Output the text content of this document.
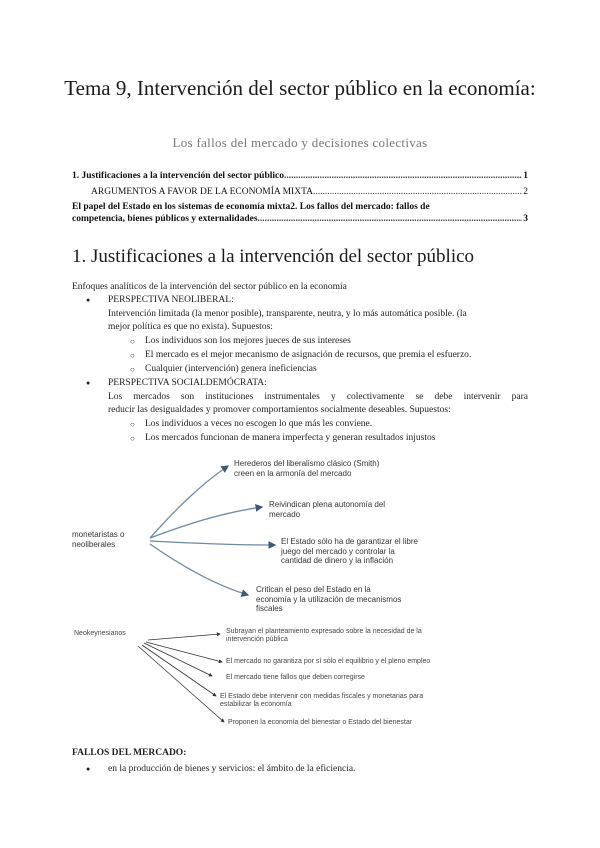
Tema 9, Intervención del sector público en la economía:
Los fallos del mercado y decisiones colectivas
1. Justificaciones a la intervención del sector público .....	1
ARGUMENTOS A FAVOR DE LA ECONOMÍA MIXTA .....	2
El papel del Estado en los sistemas de economía mixta2. Los fallos del mercado: fallos de
competencia, bienes públicos y externalidades .....	3
1. Justificaciones a la intervención del sector público
Enfoques analíticos de la intervención del sector público en la economía
● PERSPECTIVA NEOLIBERAL:
Intervención limitada (la menor posible), transparente, neutra, y lo más automática posible. (la
mejor política es que no exista). Supuestos:
○ Los individuos son los mejores jueces de sus intereses
○ El mercado es el mejor mecanismo de asignación de recursos, que premia el esfuerzo.
○ Cualquier (intervención) genera ineficiencias
● PERSPECTIVA SOCIALDEMÓCRATA:
Los mercados son instituciones instrumentales y colectivamente se debe intervenir para
reducir las desigualdades y promover comportamientos socialmente deseables. Supuestos:
○ Los individuos a veces no escogen lo que más les conviene.
○ Los mercados funcionan de manera imperfecta y generan resultados injustos
monetaristas o
neoliberales
Herederos del liberalismo clásico (Smith)
creen en la armonía del mercado
Reivindican plena autonomía del
mercado
El Estado sólo ha de garantizar el libre
juego del mercado y controlar la
cantidad de dinero y la inflación
Critican el peso del Estado en la
economía y la utilización de mecanismos
fiscales
Neokeynesianos	Subrayan el planteamiento expresado sobre la necesidad de la
intervención pública
El mercado no garantiza por sí sólo el equilibrio y el pleno empleo
El mercado tiene fallos que deben corregirse
El Estado debe intervenir con medidas fiscales y monetarias para
estabilizar la economía
Proponen la economía del bienestar o Estado del bienestar
FALLOS DEL MERCADO:
● en la producción de bienes y servicios: el ámbito de la eficiencia.
